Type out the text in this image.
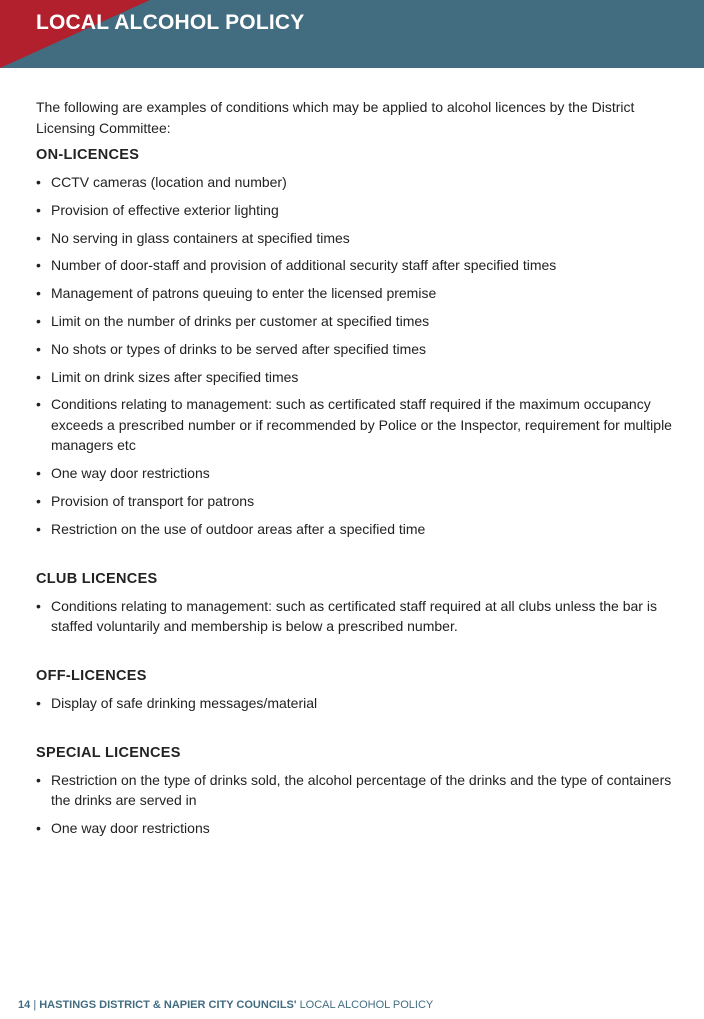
LOCAL ALCOHOL POLICY

The following are examples of conditions which may be applied to alcohol licences by the District Licensing Committee:

ON-LICENCES
• CCTV cameras (location and number)
• Provision of effective exterior lighting
• No serving in glass containers at specified times
• Number of door-staff and provision of additional security staff after specified times
• Management of patrons queuing to enter the licensed premise
• Limit on the number of drinks per customer at specified times
• No shots or types of drinks to be served after specified times
• Limit on drink sizes after specified times
• Conditions relating to management: such as certificated staff required if the maximum occupancy exceeds a prescribed number or if recommended by Police or the Inspector, requirement for multiple managers etc
• One way door restrictions
• Provision of transport for patrons
• Restriction on the use of outdoor areas after a specified time
CLUB LICENCES
• Conditions relating to management: such as certificated staff required at all clubs unless the bar is staffed voluntarily and membership is below a prescribed number.
OFF-LICENCES
• Display of safe drinking messages/material
SPECIAL LICENCES
• Restriction on the type of drinks sold, the alcohol percentage of the drinks and the type of containers the drinks are served in
• One way door restrictions
14 | HASTINGS DISTRICT & NAPIER CITY COUNCILS' LOCAL ALCOHOL POLICY
